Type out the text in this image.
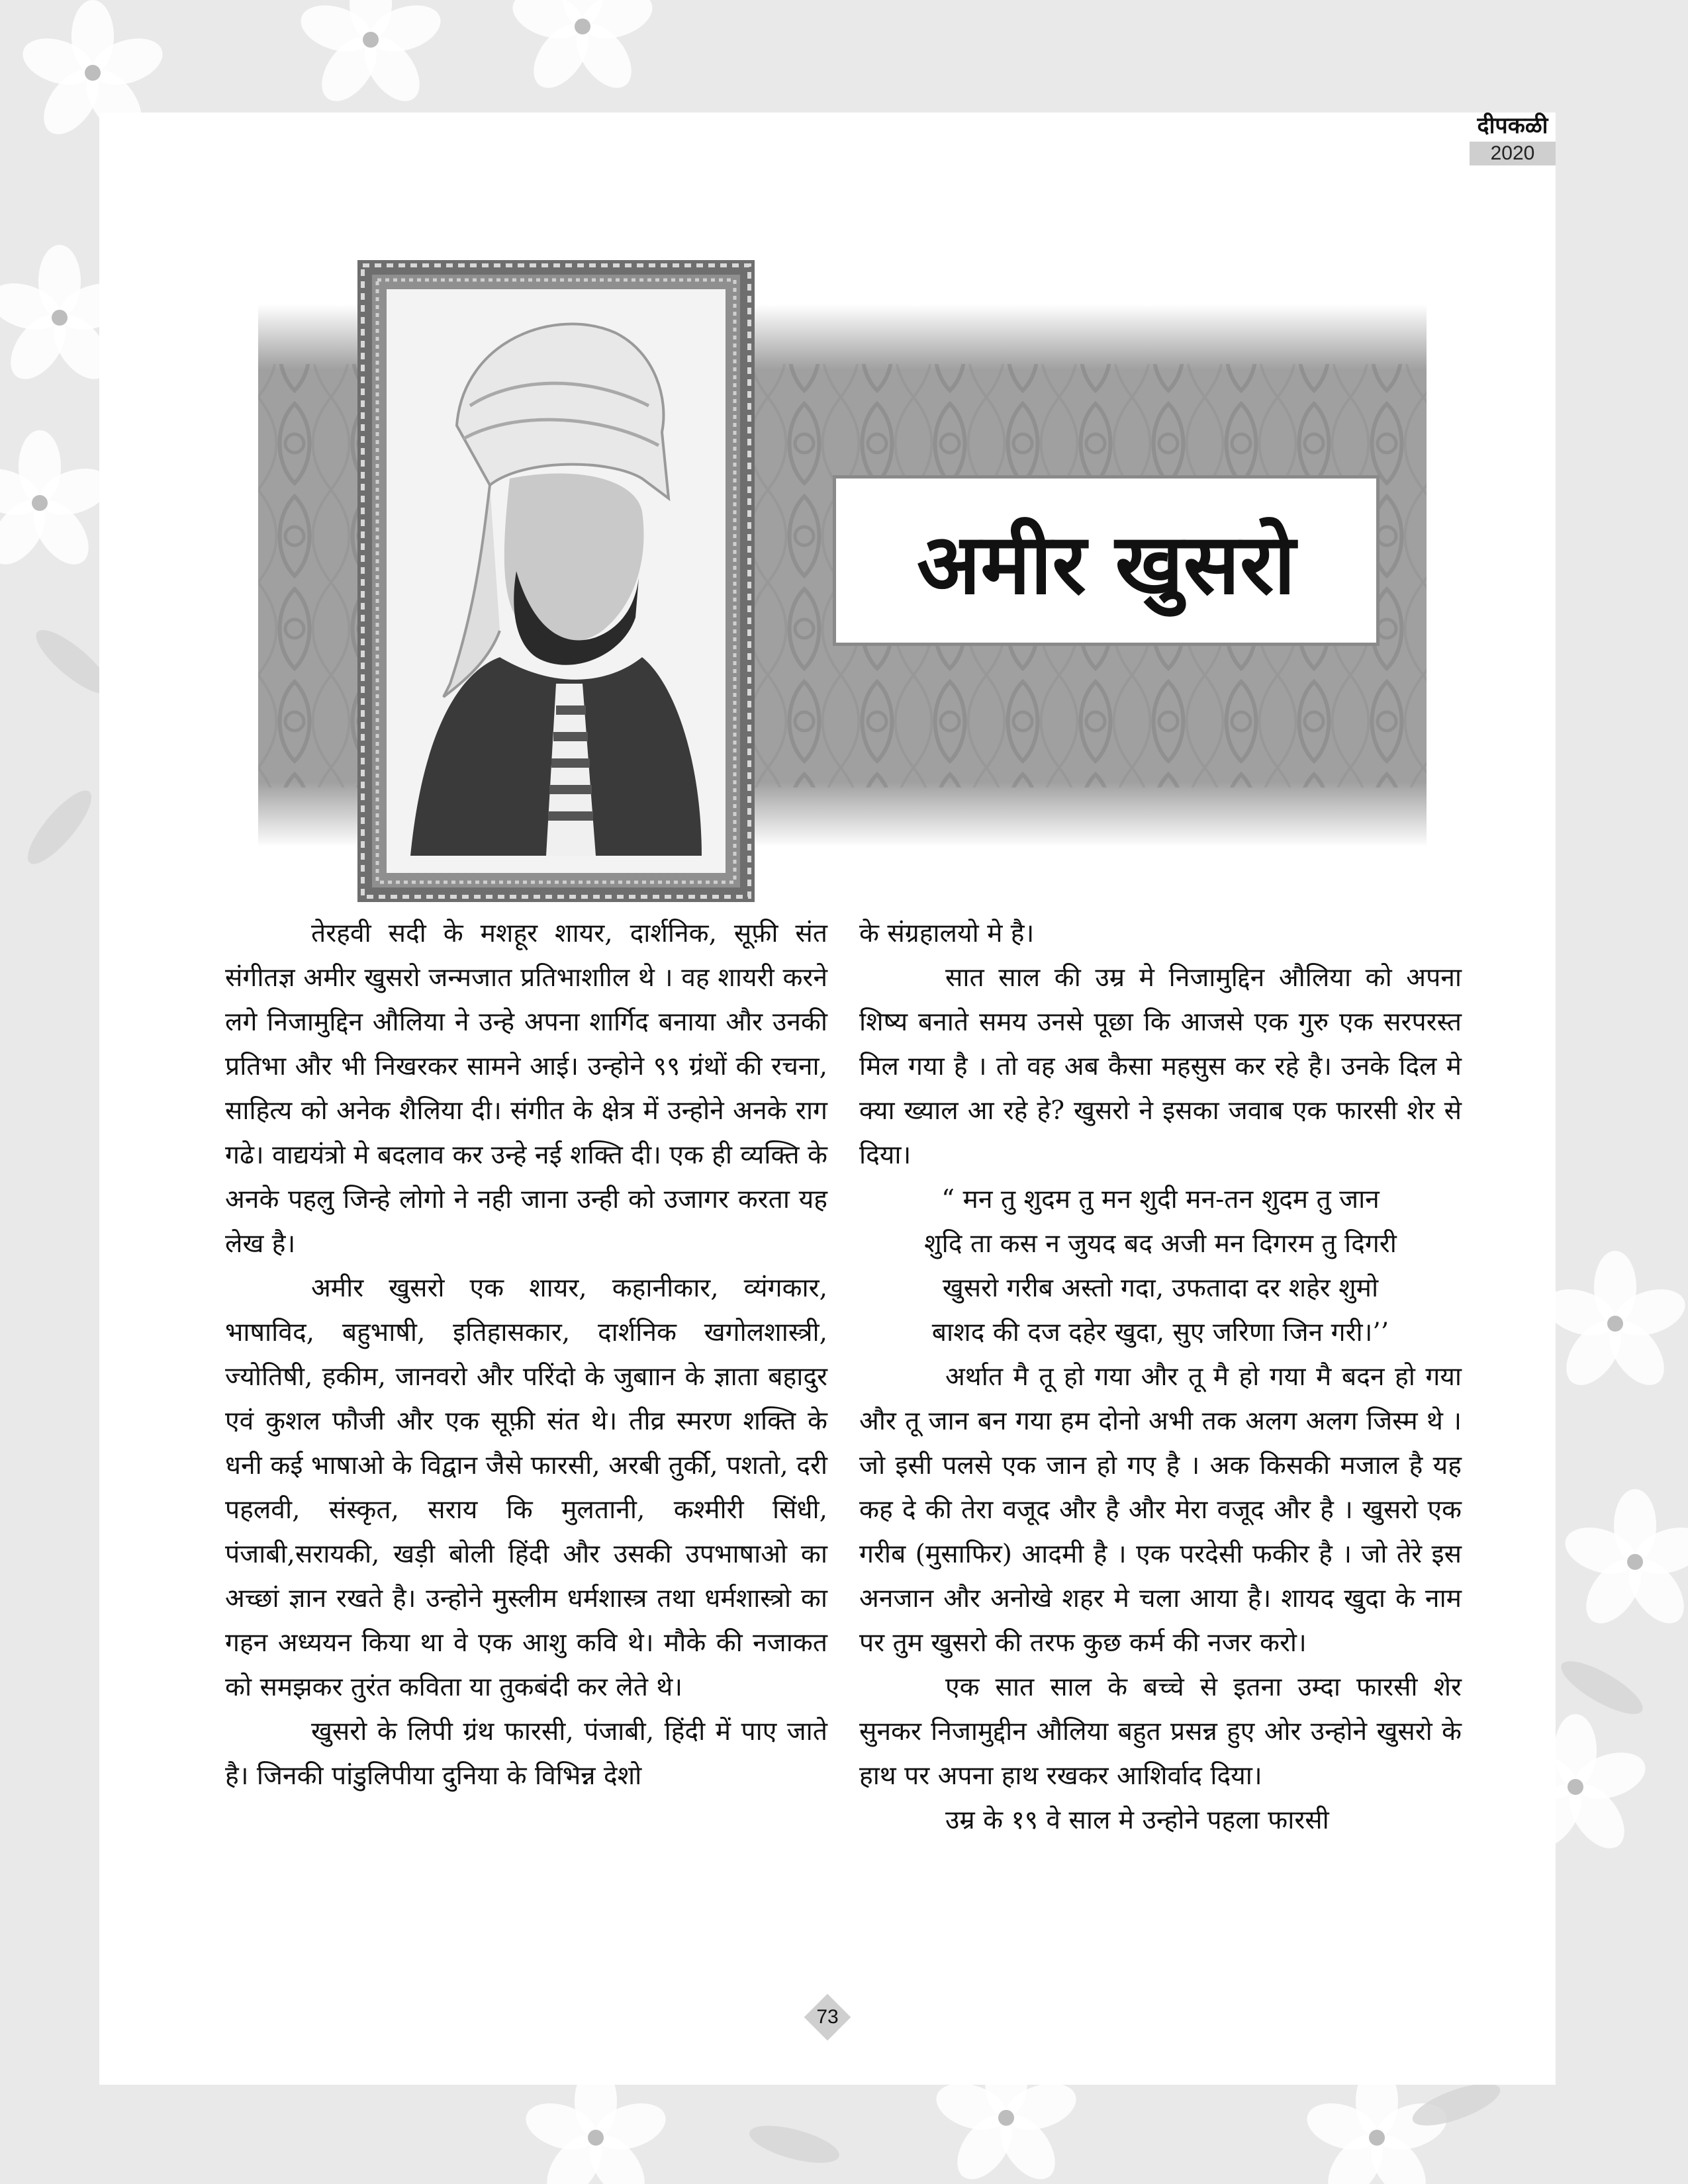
दीपकळी
2020
अमीर खुसरो

तेरहवी सदी के मशहूर शायर, दार्शनिक, सूफ़ी संत संगीतज्ञ अमीर खुसरो जन्मजात प्रतिभाशाील थे । वह शायरी करने लगे निजामुद्दिन औलिया ने उन्हे अपना शार्गिद बनाया और उनकी प्रतिभा और भी निखरकर सामने आई। उन्होने ९९ ग्रंथों की रचना, साहित्य को अनेक शैलिया दी। संगीत के क्षेत्र में उन्होने अनके राग गढे। वाद्ययंत्रो मे बदलाव कर उन्हे नई शक्ति दी। एक ही व्यक्ति के अनके पहलु जिन्हे लोगो ने नही जाना उन्ही को उजागर करता यह लेख है।

अमीर खुसरो एक शायर, कहानीकार, व्यंगकार, भाषाविद, बहुभाषी, इतिहासकार, दार्शनिक खगोलशास्त्री, ज्योतिषी, हकीम, जानवरो और परिंदो के जुबाान के ज्ञाता बहादुर एवं कुशल फौजी और एक सूफ़ी संत थे। तीव्र स्मरण शक्ति के धनी कई भाषाओ के विद्वान जैसे फारसी, अरबी तुर्की, पशतो, दरी पहलवी, संस्कृत, सराय कि मुलतानी, कश्मीरी सिंधी, पंजाबी,सरायकी, खड़ी बोली हिंदी और उसकी उपभाषाओ का अच्छां ज्ञान रखते है। उन्होने मुस्लीम धर्मशास्त्र तथा धर्मशास्त्रो का गहन अध्ययन किया था वे एक आशु कवि थे। मौके की नजाकत को समझकर तुरंत कविता या तुकबंदी कर लेते थे।

खुसरो के लिपी ग्रंथ फारसी, पंजाबी, हिंदी में पाए जाते है। जिनकी पांडुलिपीया दुनिया के विभिन्न देशो

के संग्रहालयो मे है।

सात साल की उम्र मे निजामुद्दिन औलिया को अपना शिष्य बनाते समय उनसे पूछा कि आजसे एक गुरु एक सरपरस्त मिल गया है । तो वह अब कैसा महसुस कर रहे है। उनके दिल मे क्या ख्याल आ रहे हे? खुसरो ने इसका जवाब एक फारसी शेर से दिया।

“ मन तु शुदम तु मन शुदी मन-तन शुदम तु जान
शुदि ता कस न जुयद बद अजी मन दिगरम तु दिगरी
खुसरो गरीब अस्तो गदा, उफतादा दर शहेर शुमो
बाशद की दज दहेर खुदा, सुए जरिणा जिन गरी।’’

अर्थात मै तू हो गया और तू मै हो गया मै बदन हो गया और तू जान बन गया हम दोनो अभी तक अलग अलग जिस्म थे । जो इसी पलसे एक जान हो गए है । अक किसकी मजाल है यह कह दे की तेरा वजूद और है और मेरा वजूद और है । खुसरो एक गरीब (मुसाफिर) आदमी है । एक परदेसी फकीर है । जो तेरे इस अनजान और अनोखे शहर मे चला आया है। शायद खुदा के नाम पर तुम खुसरो की तरफ कुछ कर्म की नजर करो।

एक सात साल के बच्चे से इतना उम्दा फारसी शेर सुनकर निजामुद्दीन औलिया बहुत प्रसन्न हुए ओर उन्होने खुसरो के हाथ पर अपना हाथ रखकर आशिर्वाद दिया।

उम्र के १९ वे साल मे उन्होने पहला फारसी

73
